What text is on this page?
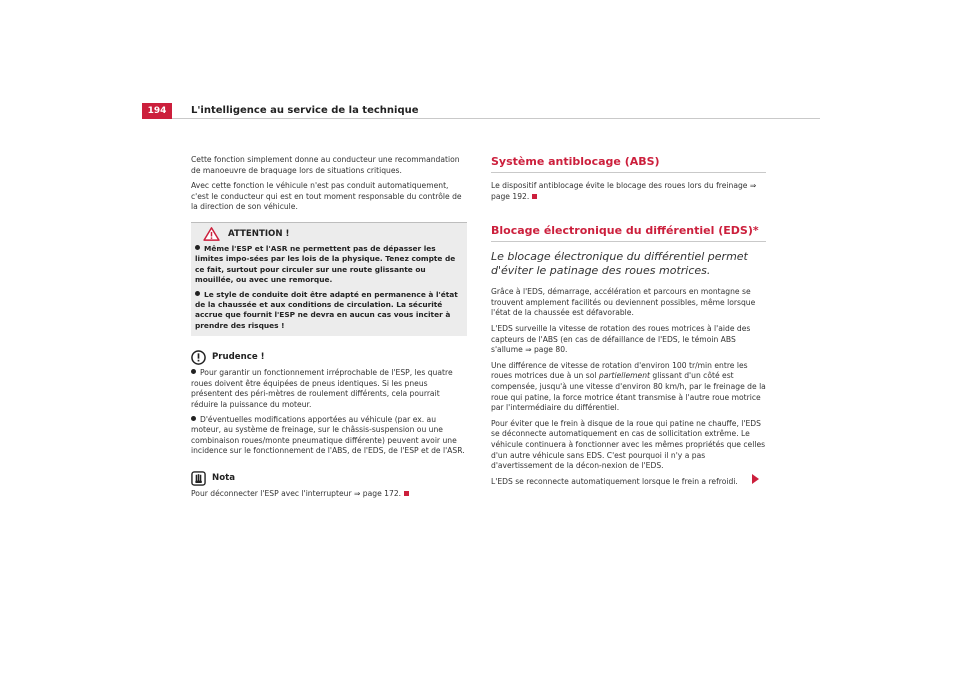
194	L'intelligence au service de la technique

Cette fonction simplement donne au conducteur une recommandation de manoeuvre de braquage lors de situations critiques.

Avec cette fonction le véhicule n'est pas conduit automatiquement, c'est le conducteur qui est en tout moment responsable du contrôle de la direction de son véhicule.

ATTENTION !
Même l'ESP et l'ASR ne permettent pas de dépasser les limites impo-sées par les lois de la physique. Tenez compte de ce fait, surtout pour circuler sur une route glissante ou mouillée, ou avec une remorque.
Le style de conduite doit être adapté en permanence à l'état de la chaussée et aux conditions de circulation. La sécurité accrue que fournit l'ESP ne devra en aucun cas vous inciter à prendre des risques !
Prudence !
Pour garantir un fonctionnement irréprochable de l'ESP, les quatre roues doivent être équipées de pneus identiques. Si les pneus présentent des péri-mètres de roulement différents, cela pourrait réduire la puissance du moteur.
D'éventuelles modifications apportées au véhicule (par ex. au moteur, au système de freinage, sur le châssis-suspension ou une combinaison roues/monte pneumatique différente) peuvent avoir une incidence sur le fonctionnement de l'ABS, de l'EDS, de l'ESP et de l'ASR.
Nota

Pour déconnecter l'ESP avec l'interrupteur ⇒ page 172.

Système antiblocage (ABS)

Le dispositif antiblocage évite le blocage des roues lors du freinage ⇒ page 192.

Blocage électronique du différentiel (EDS)*
Le blocage électronique du différentiel permet d'éviter le patinage des roues motrices.

Grâce à l'EDS, démarrage, accélération et parcours en montagne se trouvent amplement facilités ou deviennent possibles, même lorsque l'état de la chaussée est défavorable.

L'EDS surveille la vitesse de rotation des roues motrices à l'aide des capteurs de l'ABS (en cas de défaillance de l'EDS, le témoin ABS s'allume ⇒ page 80.

Une différence de vitesse de rotation d'environ 100 tr/min entre les roues motrices due à un sol partiellement glissant d'un côté est compensée, jusqu'à une vitesse d'environ 80 km/h, par le freinage de la roue qui patine, la force motrice étant transmise à l'autre roue motrice par l'intermédiaire du différentiel.

Pour éviter que le frein à disque de la roue qui patine ne chauffe, l'EDS se déconnecte automatiquement en cas de sollicitation extrême. Le véhicule continuera à fonctionner avec les mêmes propriétés que celles d'un autre véhicule sans EDS. C'est pourquoi il n'y a pas d'avertissement de la décon-nexion de l'EDS.

L'EDS se reconnecte automatiquement lorsque le frein a refroidi.
